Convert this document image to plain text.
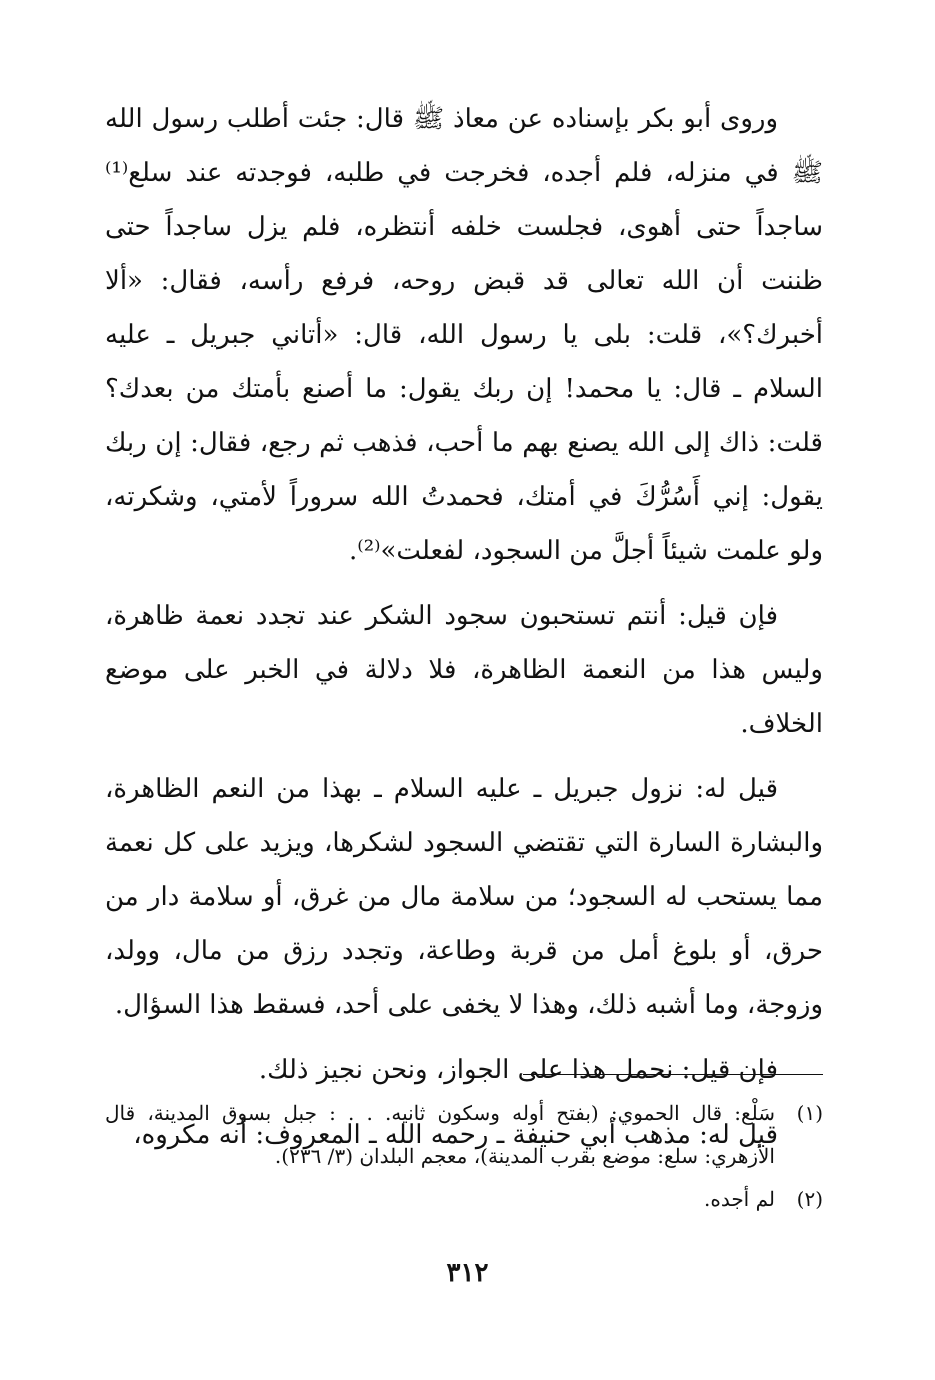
وروى أبو بكر بإسناده عن معاذ ﷺ قال: جئت أطلب رسول الله ﷺ في منزله، فلم أجده، فخرجت في طلبه، فوجدته عند سلع⁽¹⁾ ساجداً حتى أهوى، فجلست خلفه أنتظره، فلم يزل ساجداً حتى ظننت أن الله تعالى قد قبض روحه، فرفع رأسه، فقال: «ألا أخبرك؟»، قلت: بلى يا رسول الله، قال: «أتاني جبريل ـ عليه السلام ـ قال: يا محمد! إن ربك يقول: ما أصنع بأمتك من بعدك؟ قلت: ذاك إلى الله يصنع بهم ما أحب، فذهب ثم رجع، فقال: إن ربك يقول: إني أَسُرُّكَ في أمتك، فحمدتُ الله سروراً لأمتي، وشكرته، ولو علمت شيئاً أجلَّ من السجود، لفعلت»⁽²⁾.

فإن قيل: أنتم تستحبون سجود الشكر عند تجدد نعمة ظاهرة، وليس هذا من النعمة الظاهرة، فلا دلالة في الخبر على موضع الخلاف.

قيل له: نزول جبريل ـ عليه السلام ـ بهذا من النعم الظاهرة، والبشارة السارة التي تقتضي السجود لشكرها، ويزيد على كل نعمة مما يستحب له السجود؛ من سلامة مال من غرق، أو سلامة دار من حرق، أو بلوغ أمل من قربة وطاعة، وتجدد رزق من مال، وولد، وزوجة، وما أشبه ذلك، وهذا لا يخفى على أحد، فسقط هذا السؤال.

فإن قيل: نحمل هذا على الجواز، ونحن نجيز ذلك.

قيل له: مذهب أبي حنيفة ـ رحمه الله ـ المعروف: أنه مكروه،

(١)
سَلْع: قال الحموي: (بفتح أوله وسكون ثانيه. . . : جبل بسوق المدينة، قال الأزهري: سلع: موضع بقرب المدينة)، معجم البلدان (٣/ ٢٣٦).
(٢)
لم أجده.
٣١٢
